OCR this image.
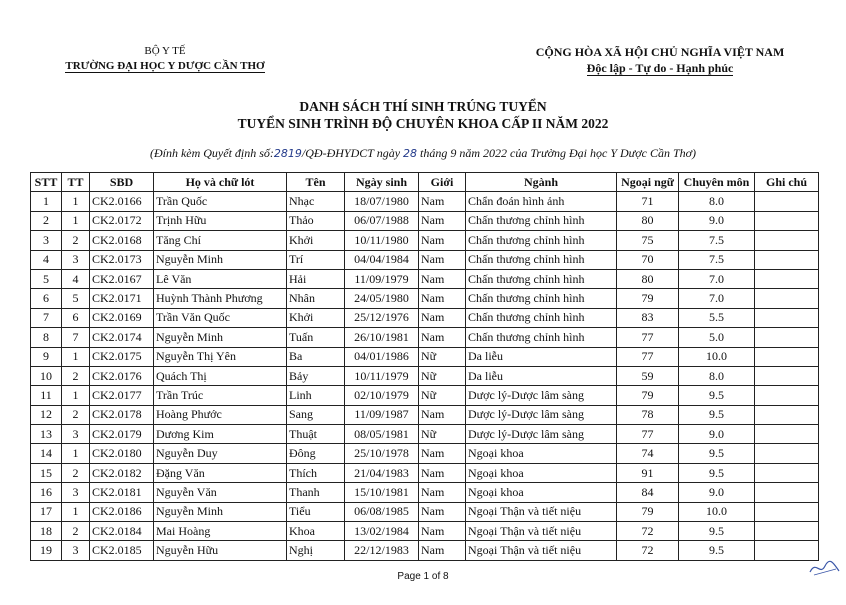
BỘ Y TẾ
TRƯỜNG ĐẠI HỌC Y DƯỢC CẦN THƠ
CỘNG HÒA XÃ HỘI CHỦ NGHĨA VIỆT NAM
Độc lập - Tự do - Hạnh phúc
DANH SÁCH THÍ SINH TRÚNG TUYỂN
TUYỂN SINH TRÌNH ĐỘ CHUYÊN KHOA CẤP II NĂM 2022
(Đính kèm Quyết định số:2819/QĐ-ĐHYDCT ngày 28 tháng 9 năm 2022 của Trường Đại học Y Dược Cần Thơ)
STT	TT	SBD	Họ và chữ lót	Tên	Ngày sinh	Giới	Ngành	Ngoại ngữ	Chuyên môn	Ghi chú
1	1	CK2.0166	Trần Quốc	Nhạc	18/07/1980	Nam	Chẩn đoán hình ảnh	71	8.0	
2	1	CK2.0172	Trịnh Hữu	Thảo	06/07/1988	Nam	Chấn thương chỉnh hình	80	9.0	
3	2	CK2.0168	Tăng Chí	Khởi	10/11/1980	Nam	Chấn thương chỉnh hình	75	7.5	
4	3	CK2.0173	Nguyễn Minh	Trí	04/04/1984	Nam	Chấn thương chỉnh hình	70	7.5	
5	4	CK2.0167	Lê Văn	Hải	11/09/1979	Nam	Chấn thương chỉnh hình	80	7.0	
6	5	CK2.0171	Huỳnh Thành Phương	Nhân	24/05/1980	Nam	Chấn thương chỉnh hình	79	7.0	
7	6	CK2.0169	Trần Văn Quốc	Khởi	25/12/1976	Nam	Chấn thương chỉnh hình	83	5.5	
8	7	CK2.0174	Nguyễn Minh	Tuấn	26/10/1981	Nam	Chấn thương chỉnh hình	77	5.0	
9	1	CK2.0175	Nguyễn Thị Yên	Ba	04/01/1986	Nữ	Da liễu	77	10.0	
10	2	CK2.0176	Quách Thị	Bảy	10/11/1979	Nữ	Da liễu	59	8.0	
11	1	CK2.0177	Trần Trúc	Linh	02/10/1979	Nữ	Dược lý-Dược lâm sàng	79	9.5	
12	2	CK2.0178	Hoàng Phước	Sang	11/09/1987	Nam	Dược lý-Dược lâm sàng	78	9.5	
13	3	CK2.0179	Dương Kim	Thuật	08/05/1981	Nữ	Dược lý-Dược lâm sàng	77	9.0	
14	1	CK2.0180	Nguyễn Duy	Đông	25/10/1978	Nam	Ngoại khoa	74	9.5	
15	2	CK2.0182	Đặng Văn	Thích	21/04/1983	Nam	Ngoại khoa	91	9.5	
16	3	CK2.0181	Nguyễn Văn	Thanh	15/10/1981	Nam	Ngoại khoa	84	9.0	
17	1	CK2.0186	Nguyễn Minh	Tiểu	06/08/1985	Nam	Ngoại Thận và tiết niệu	79	10.0	
18	2	CK2.0184	Mai Hoàng	Khoa	13/02/1984	Nam	Ngoại Thận và tiết niệu	72	9.5	
19	3	CK2.0185	Nguyễn Hữu	Nghị	22/12/1983	Nam	Ngoại Thận và tiết niệu	72	9.5	
Page 1 of 8
